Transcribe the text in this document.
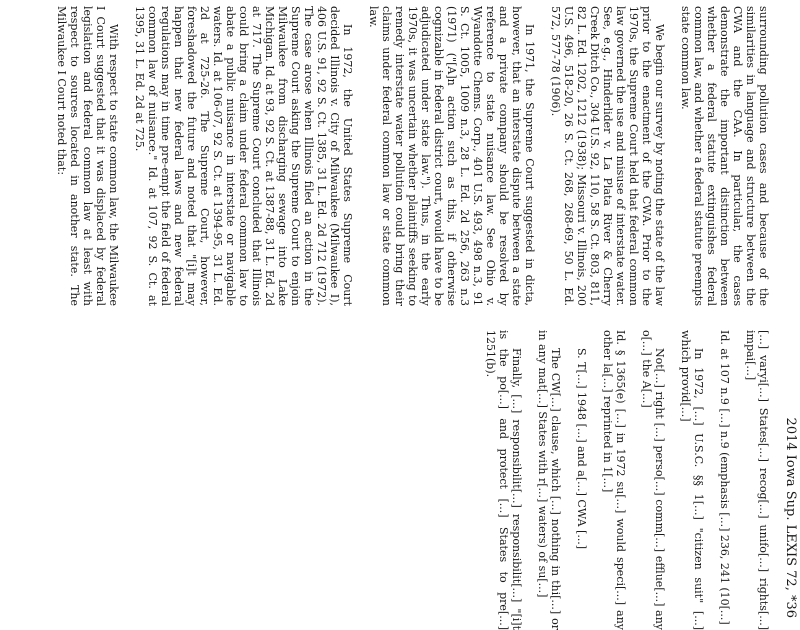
2014 Iowa Sup. LEXIS 72, *36

surrounding pollution cases and because of the similarities in language and structure between the CWA and the CAA. In particular, the cases demonstrate the important distinction between whether a federal statute extinguishes federal common law, and whether a federal statute preempts state common law.

We begin our survey by noting the state of the law prior to the enactment of the CWA. Prior to the 1970s, the Supreme Court held that federal common law governed the use and misuse of interstate water. See, e.g., Hinderlider v. La Plata River & Cherry Creek Ditch Co., 304 U.S. 92, 110, 58 S. Ct. 803, 811, 82 L. Ed. 1202, 1212 (1938); Missouri v. Illinois, 200 U.S. 496, 518-20, 26 S. Ct. 268, 268-69, 50 L. Ed. 572, 577-78 (1906).

In 1971, the Supreme Court suggested in dicta, however, that an interstate dispute between a state and a private company should be resolved by reference to state nuisance law. See Ohio v. Wyandotte Chems. Corp., 401 U.S. 493, 498 n.3, 91 S. Ct. 1005, 1009 n.3, 28 L. Ed. 2d 256, 263 n.3 (1971) ("[A]n action such as this, if otherwise cognizable in federal district court, would have to be adjudicated under state law."). Thus, in the early 1970s, it was uncertain whether plaintiffs seeking to remedy interstate water pollution could bring their claims under federal common law or state common law.

In 1972, the United States Supreme Court decided Illinois v. City of Milwaukee (Milwaukee I), 406 U.S. 91, 92 S. Ct. 1385, 31 L. Ed. 2d 712 (1972). The case arose when Illinois filed an action in the Supreme Court asking the Supreme Court to enjoin Milwaukee from discharging sewage into Lake Michigan. Id. at 93, 92 S. Ct. at 1387-88, 31 L. Ed. 2d at 717. The Supreme Court concluded that Illinois could bring a claim under federal common law to abate a public nuisance in interstate or navigable waters. Id. at 106-07, 92 S. Ct. at 1394-95, 31 L. Ed. 2d at 725-26. The Supreme Court, however, foreshadowed the future and noted that "[i]t may happen that new federal laws and new federal regulations may in time pre-empt the field of federal common law of nuisance." Id. at 107, 92 S. Ct. at 1395, 31 L. Ed. 2d at 725.

With respect to state common law, the Milwaukee I Court suggested that it was displaced by federal legislation and federal common law at least with respect to sources located in another state. The Milwaukee I Court noted that:

[...] varyi[...] States[...] recog[...] unifo[...] rights[...] impai[...]

Id. at 107 n.9 [...] n.9 (emphasis [...] 236, 241 (10[...]

In 1972, [...] U.S.C. §§ 1[...] "citizen suit" [...] which provid[...]

Not[...] right [...] perso[...] comm[...] efflue[...] any o[...] the A[...]

Id. § 1365(e) [...] in 1972 su[...] would speci[...] any other la[...] reprinted in 1[...]

S. T[...] 1948 [...] and a[...] CWA [...]

The CW[...] clause, which [...] nothing in thi[...] or in any mat[...] States with r[...] waters) of su[...]

Finally, [...] responsibilit[...] responsibilit[...] "[i]t is the po[...] and protect [...] States to pre[...] 1251(b).
